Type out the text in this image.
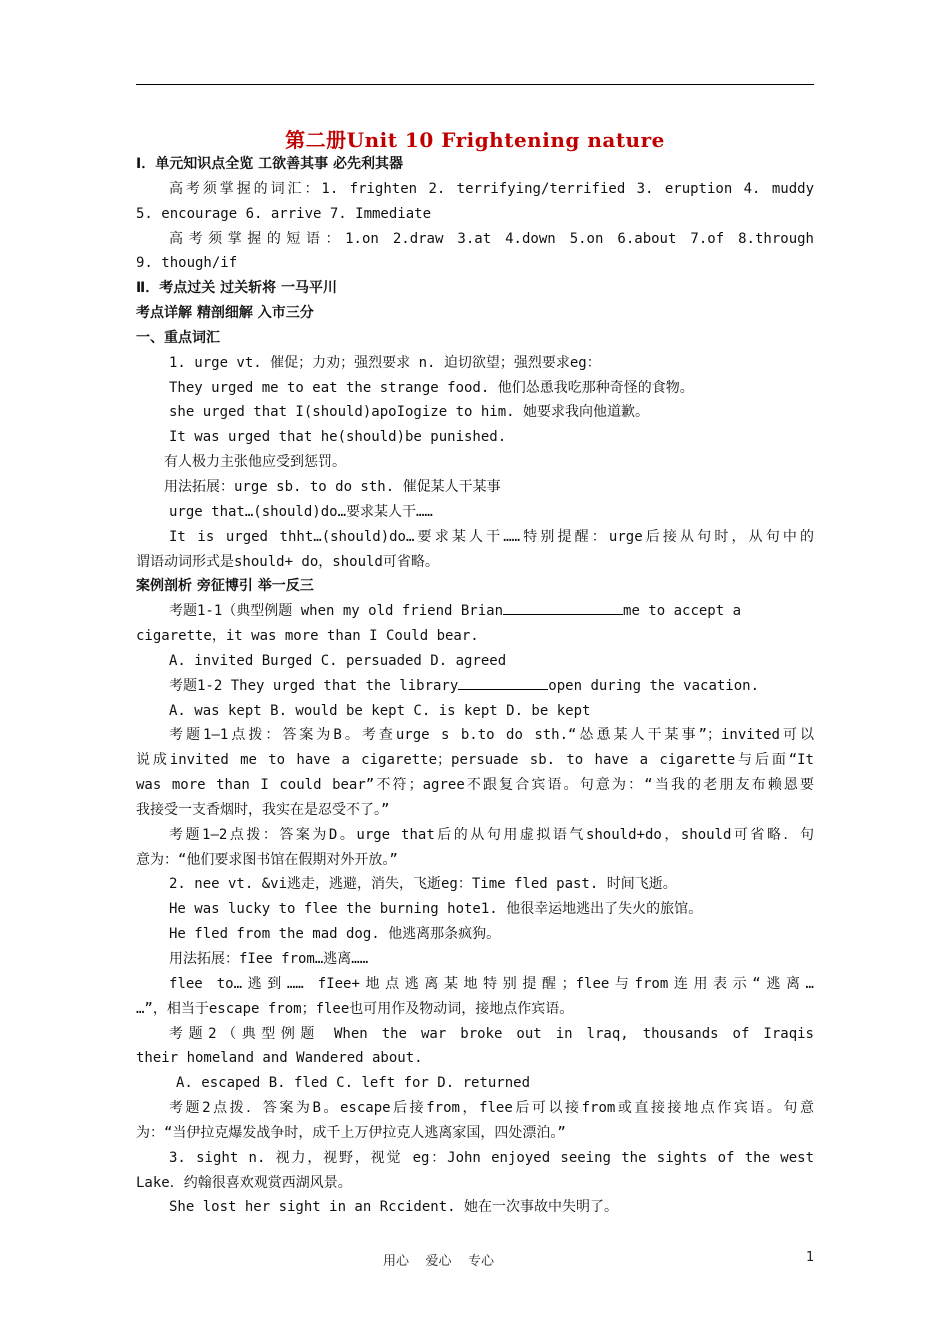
第二册Unit 10 Frightening nature
I．单元知识点全览 工欲善其事 必先利其器
高考须掌握的词汇：1. frighten 2. terrifying/terrified 3. eruption 4. muddy
5. encourage 6. arrive 7. Immediate
高考须掌握的短语：1.on 2.draw 3.at 4.down 5.on 6.about 7.of 8.through
9. though/if
Ⅱ．考点过关 过关斩将 一马平川
考点详解 精剖细解 入市三分
一、重点词汇
1. urge vt. 催促；力劝；强烈要求 n. 迫切欲望；强烈要求eg：
They urged me to eat the strange food. 他们怂恿我吃那种奇怪的食物。
she urged that I(should)apoIogize to him. 她要求我向他道歉。
It was urged that he(should)be punished.
有人极力主张他应受到惩罚。
用法拓展：urge sb. to do sth. 催促某人干某事
urge that…(should)do…要求某人干……
It is urged thht…(should)do…要求某人干……特别提醒：urge后接从句时，从句中的
谓语动词形式是should+ do，should可省略。
案例剖析 旁征博引 举一反三
考题1-1（典型例题 when my old friend Brian	me to accept a
cigarette，it was more than I Could bear.
A. invited Burged C. persuaded D. agreed
考题1-2 They urged that the library	open during the vacation.
A. was kept B. would be kept C. is kept D. be kept
考题1—1点拨：答案为B。考查urge s b.to do sth.“怂恿某人干某事”；invited可以
说成invited me to have a cigarette；persuade sb. to have a cigarette与后面“It
was more than I could bear”不符；agree不跟复合宾语。句意为：“当我的老朋友布赖恩要
我接受一支香烟时，我实在是忍受不了。”
考题1—2点拨：答案为D。urge that后的从句用虚拟语气should+do，should可省略．句
意为：“他们要求图书馆在假期对外开放。”
2. nee vt. &vi逃走，逃避，消失，飞逝eg：Time fled past. 时间飞逝。
He was lucky to flee the burning hote1. 他很幸运地逃出了失火的旅馆。
He fled from the mad dog. 他逃离那条疯狗。
用法拓展：fIee from…逃离……
flee to…逃到…… fIee+地点逃离某地特别提醒；flee与from连用表示“逃离…
…”，相当于escape from；flee也可用作及物动词，接地点作宾语。
考题2（典型例题 When the war broke out in lraq, thousands of Iraqis
their homeland and Wandered about.
A. escaped B. fled C. left for D. returned
考题2点拨．答案为B。escape后接from，flee后可以接from或直接接地点作宾语。句意
为：“当伊拉克爆发战争时，成千上万伊拉克人逃离家国，四处漂泊。”
3. sight n. 视力，视野，视觉 eg：John enjoyed seeing the sights of the west
Lake．约翰很喜欢观赏西湖风景。
She lost her sight in an Rccident. 她在一次事故中失明了。
用心    爱心    专心	1
